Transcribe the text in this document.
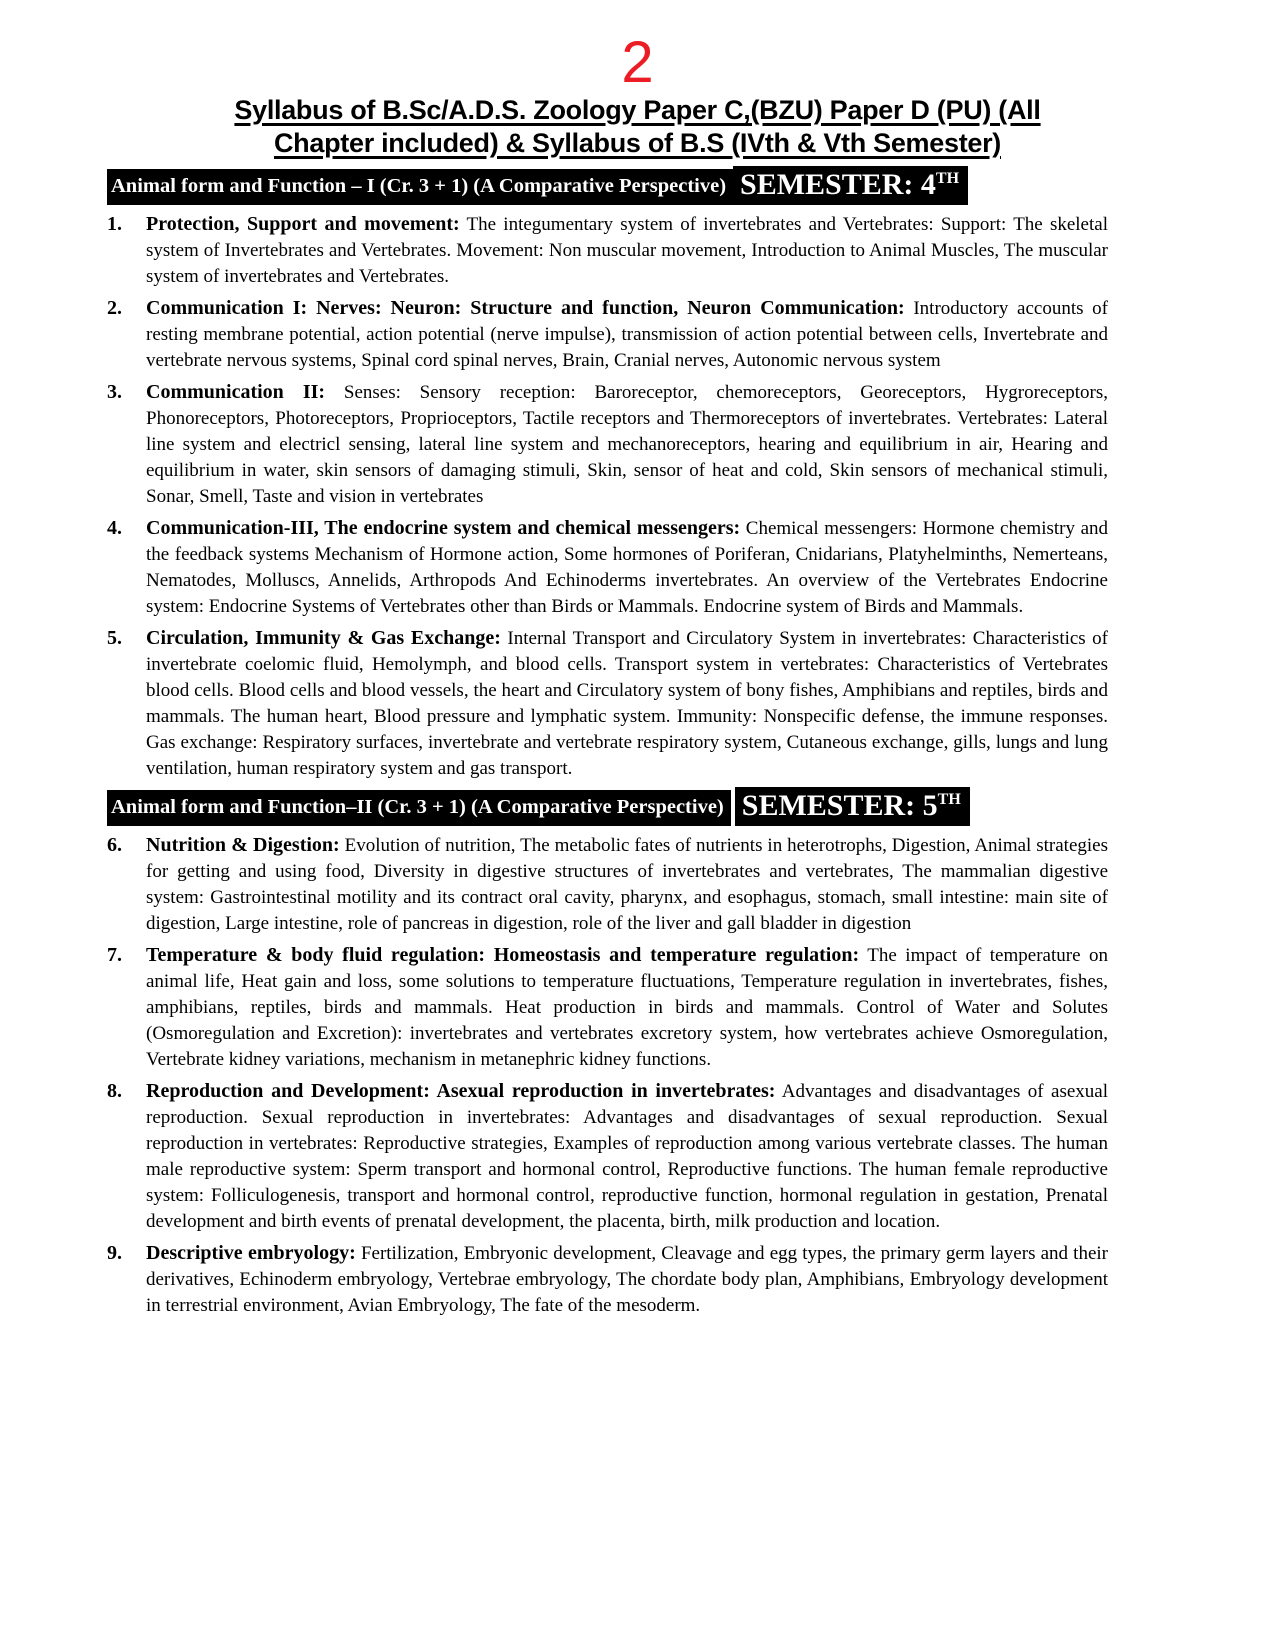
2
Syllabus of B.Sc/A.D.S. Zoology Paper C,(BZU) Paper D (PU) (All
Chapter included) & Syllabus of B.S (IVth & Vth Semester)
Animal form and Function – I (Cr. 3 + 1) (A Comparative Perspective) SEMESTER: 4TH
1. Protection, Support and movement: The integumentary system of invertebrates and Vertebrates: Support: The skeletal system of Invertebrates and Vertebrates. Movement: Non muscular movement, Introduction to Animal Muscles, The muscular system of invertebrates and Vertebrates.
2. Communication I: Nerves: Neuron: Structure and function, Neuron Communication: Introductory accounts of resting membrane potential, action potential (nerve impulse), transmission of action potential between cells, Invertebrate and vertebrate nervous systems, Spinal cord spinal nerves, Brain, Cranial nerves, Autonomic nervous system
3. Communication II: Senses: Sensory reception: Baroreceptor, chemoreceptors, Georeceptors, Hygroreceptors, Phonoreceptors, Photoreceptors, Proprioceptors, Tactile receptors and Thermoreceptors of invertebrates. Vertebrates: Lateral line system and electricl sensing, lateral line system and mechanoreceptors, hearing and equilibrium in air, Hearing and equilibrium in water, skin sensors of damaging stimuli, Skin, sensor of heat and cold, Skin sensors of mechanical stimuli, Sonar, Smell, Taste and vision in vertebrates
4. Communication-III, The endocrine system and chemical messengers: Chemical messengers: Hormone chemistry and the feedback systems Mechanism of Hormone action, Some hormones of Poriferan, Cnidarians, Platyhelminths, Nemerteans, Nematodes, Molluscs, Annelids, Arthropods And Echinoderms invertebrates. An overview of the Vertebrates Endocrine system: Endocrine Systems of Vertebrates other than Birds or Mammals. Endocrine system of Birds and Mammals.
5. Circulation, Immunity & Gas Exchange: Internal Transport and Circulatory System in invertebrates: Characteristics of invertebrate coelomic fluid, Hemolymph, and blood cells. Transport system in vertebrates: Characteristics of Vertebrates blood cells. Blood cells and blood vessels, the heart and Circulatory system of bony fishes, Amphibians and reptiles, birds and mammals. The human heart, Blood pressure and lymphatic system. Immunity: Nonspecific defense, the immune responses. Gas exchange: Respiratory surfaces, invertebrate and vertebrate respiratory system, Cutaneous exchange, gills, lungs and lung ventilation, human respiratory system and gas transport.
Animal form and Function–II (Cr. 3 + 1) (A Comparative Perspective) SEMESTER: 5TH
6. Nutrition & Digestion: Evolution of nutrition, The metabolic fates of nutrients in heterotrophs, Digestion, Animal strategies for getting and using food, Diversity in digestive structures of invertebrates and vertebrates, The mammalian digestive system: Gastrointestinal motility and its contract oral cavity, pharynx, and esophagus, stomach, small intestine: main site of digestion, Large intestine, role of pancreas in digestion, role of the liver and gall bladder in digestion
7. Temperature & body fluid regulation: Homeostasis and temperature regulation: The impact of temperature on animal life, Heat gain and loss, some solutions to temperature fluctuations, Temperature regulation in invertebrates, fishes, amphibians, reptiles, birds and mammals. Heat production in birds and mammals. Control of Water and Solutes (Osmoregulation and Excretion): invertebrates and vertebrates excretory system, how vertebrates achieve Osmoregulation, Vertebrate kidney variations, mechanism in metanephric kidney functions.
8. Reproduction and Development: Asexual reproduction in invertebrates: Advantages and disadvantages of asexual reproduction. Sexual reproduction in invertebrates: Advantages and disadvantages of sexual reproduction. Sexual reproduction in vertebrates: Reproductive strategies, Examples of reproduction among various vertebrate classes. The human male reproductive system: Sperm transport and hormonal control, Reproductive functions. The human female reproductive system: Folliculogenesis, transport and hormonal control, reproductive function, hormonal regulation in gestation, Prenatal development and birth events of prenatal development, the placenta, birth, milk production and location.
9. Descriptive embryology: Fertilization, Embryonic development, Cleavage and egg types, the primary germ layers and their derivatives, Echinoderm embryology, Vertebrae embryology, The chordate body plan, Amphibians, Embryology development in terrestrial environment, Avian Embryology, The fate of the mesoderm.
